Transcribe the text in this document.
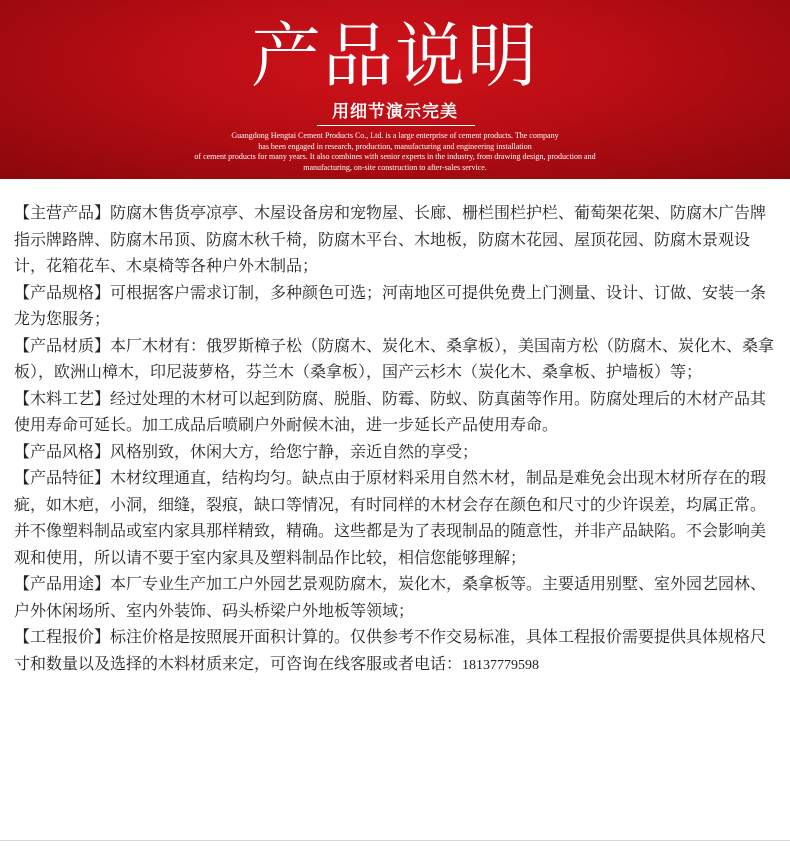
产品说明
用细节演示完美
Guangdong Hengtai Cement Products Co., Ltd. is a large enterprise of cement products. The company
has been engaged in research, production, manufacturing and engineering installation
of cement products for many years. It also combines with senior experts in the industry, from drawing design, production and
manufacturing, on-site construction to after-sales service.

【主营产品】防腐木售货亭凉亭、木屋设备房和宠物屋、长廊、栅栏围栏护栏、葡萄架花架、防腐木广告牌指示牌路牌、防腐木吊顶、防腐木秋千椅，防腐木平台、木地板，防腐木花园、屋顶花园、防腐木景观设计，花箱花车、木桌椅等各种户外木制品；

【产品规格】可根据客户需求订制，多种颜色可选；河南地区可提供免费上门测量、设计、订做、安装一条龙为您服务；

【产品材质】本厂木材有：俄罗斯樟子松（防腐木、炭化木、桑拿板），美国南方松（防腐木、炭化木、桑拿板），欧洲山樟木，印尼菠萝格，芬兰木（桑拿板），国产云杉木（炭化木、桑拿板、护墙板）等；

【木料工艺】经过处理的木材可以起到防腐、脱脂、防霉、防蚁、防真菌等作用。防腐处理后的木材产品其使用寿命可延长。加工成品后喷刷户外耐候木油，进一步延长产品使用寿命。

【产品风格】风格别致，休闲大方，给您宁静，亲近自然的享受；

【产品特征】木材纹理通直，结构均匀。缺点由于原材料采用自然木材，制品是难免会出现木材所存在的瑕疵，如木疤，小洞，细缝，裂痕，缺口等情况，有时同样的木材会存在颜色和尺寸的少许误差，均属正常。并不像塑料制品或室内家具那样精致，精确。这些都是为了表现制品的随意性，并非产品缺陷。不会影响美观和使用，所以请不要于室内家具及塑料制品作比较，相信您能够理解；

【产品用途】本厂专业生产加工户外园艺景观防腐木，炭化木，桑拿板等。主要适用别墅、室外园艺园林、户外休闲场所、室内外装饰、码头桥梁户外地板等领域；

【工程报价】标注价格是按照展开面积计算的。仅供参考不作交易标准，具体工程报价需要提供具体规格尺寸和数量以及选择的木料材质来定，可咨询在线客服或者电话：18137779598
